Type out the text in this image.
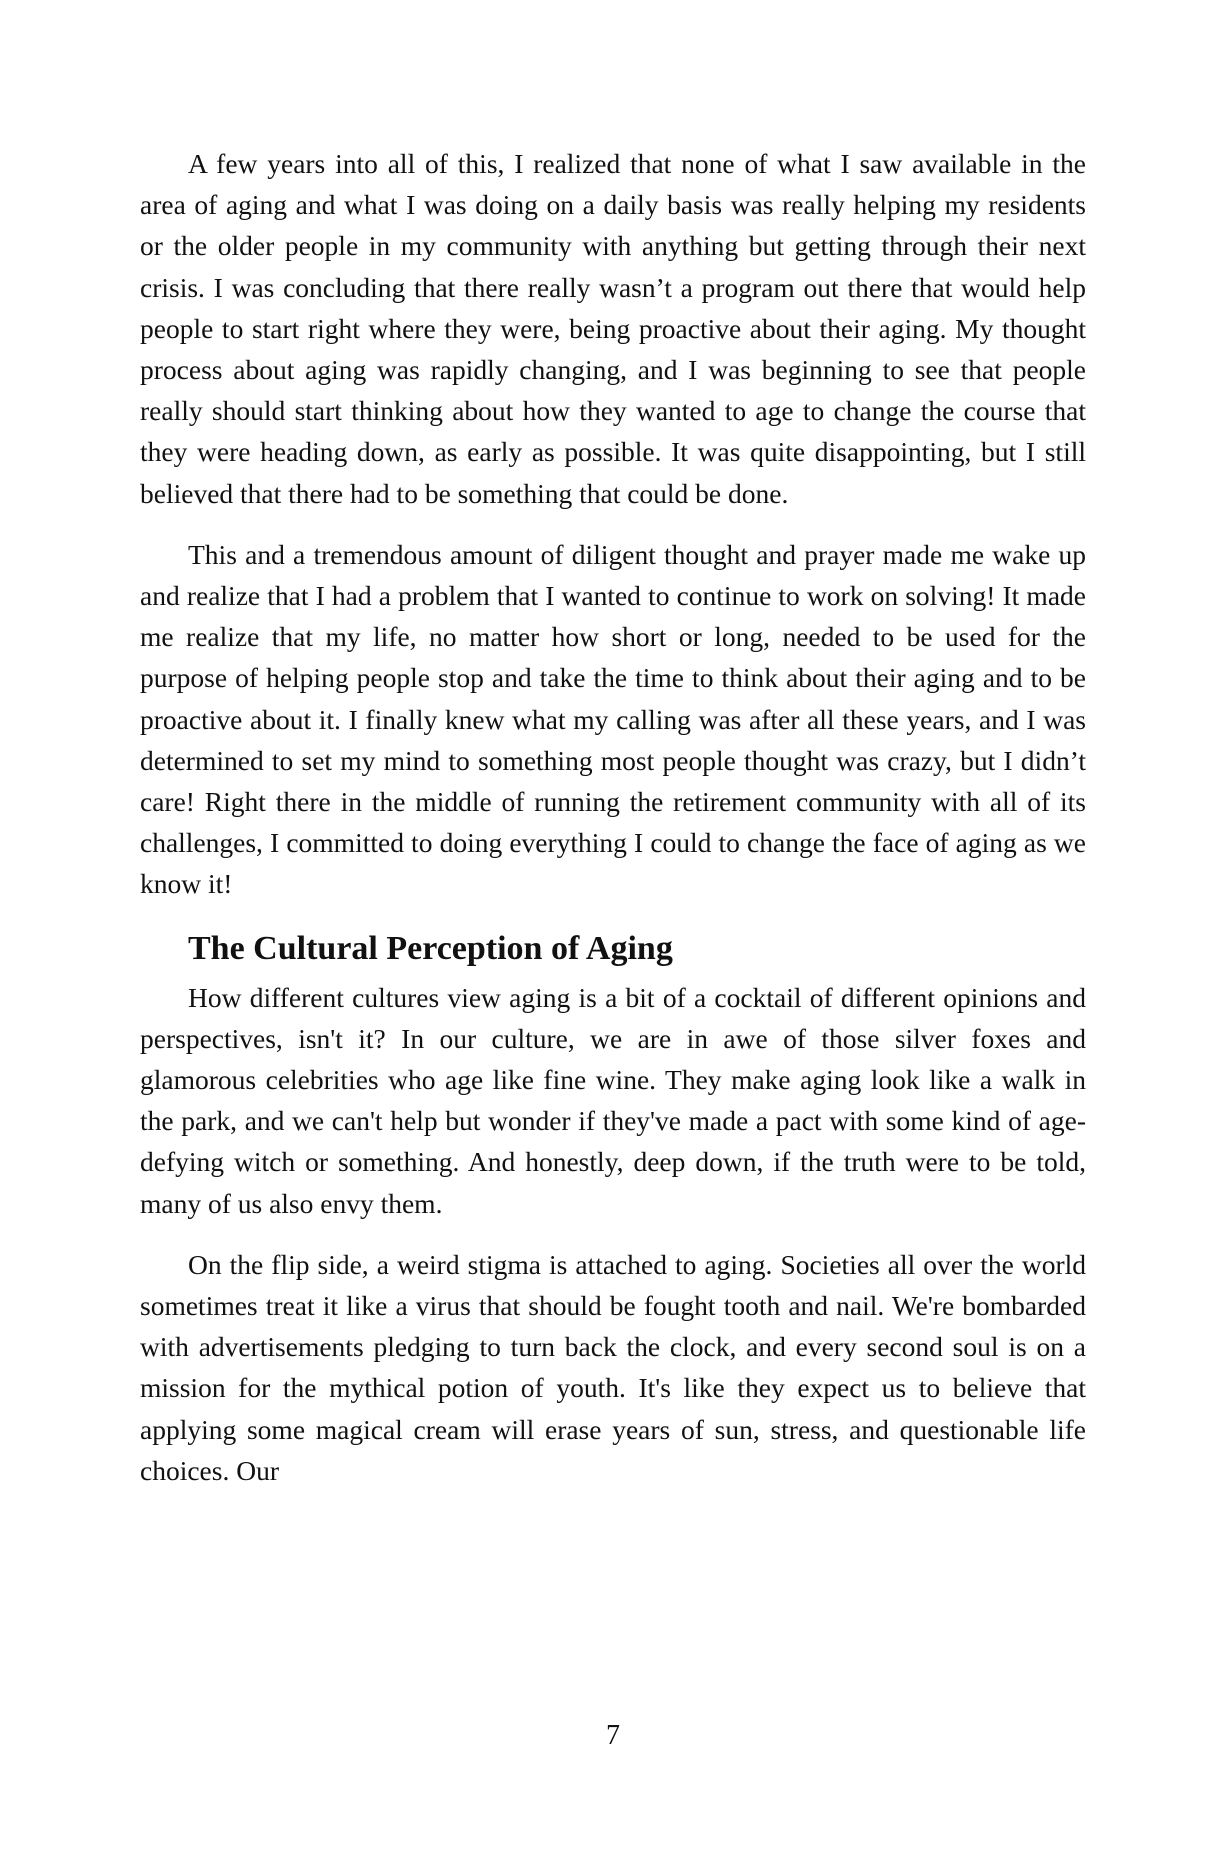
A few years into all of this, I realized that none of what I saw available in the area of aging and what I was doing on a daily basis was really helping my residents or the older people in my community with anything but getting through their next crisis. I was concluding that there really wasn’t a program out there that would help people to start right where they were, being proactive about their aging. My thought process about aging was rapidly changing, and I was beginning to see that people really should start thinking about how they wanted to age to change the course that they were heading down, as early as possible. It was quite disappointing, but I still believed that there had to be something that could be done.

This and a tremendous amount of diligent thought and prayer made me wake up and realize that I had a problem that I wanted to continue to work on solving! It made me realize that my life, no matter how short or long, needed to be used for the purpose of helping people stop and take the time to think about their aging and to be proactive about it. I finally knew what my calling was after all these years, and I was determined to set my mind to something most people thought was crazy, but I didn’t care! Right there in the middle of running the retirement community with all of its challenges, I committed to doing everything I could to change the face of aging as we know it!

The Cultural Perception of Aging

How different cultures view aging is a bit of a cocktail of different opinions and perspectives, isn't it? In our culture, we are in awe of those silver foxes and glamorous celebrities who age like fine wine. They make aging look like a walk in the park, and we can't help but wonder if they've made a pact with some kind of age-defying witch or something. And honestly, deep down, if the truth were to be told, many of us also envy them.

On the flip side, a weird stigma is attached to aging. Societies all over the world sometimes treat it like a virus that should be fought tooth and nail. We're bombarded with advertisements pledging to turn back the clock, and every second soul is on a mission for the mythical potion of youth. It's like they expect us to believe that applying some magical cream will erase years of sun, stress, and questionable life choices. Our

7
